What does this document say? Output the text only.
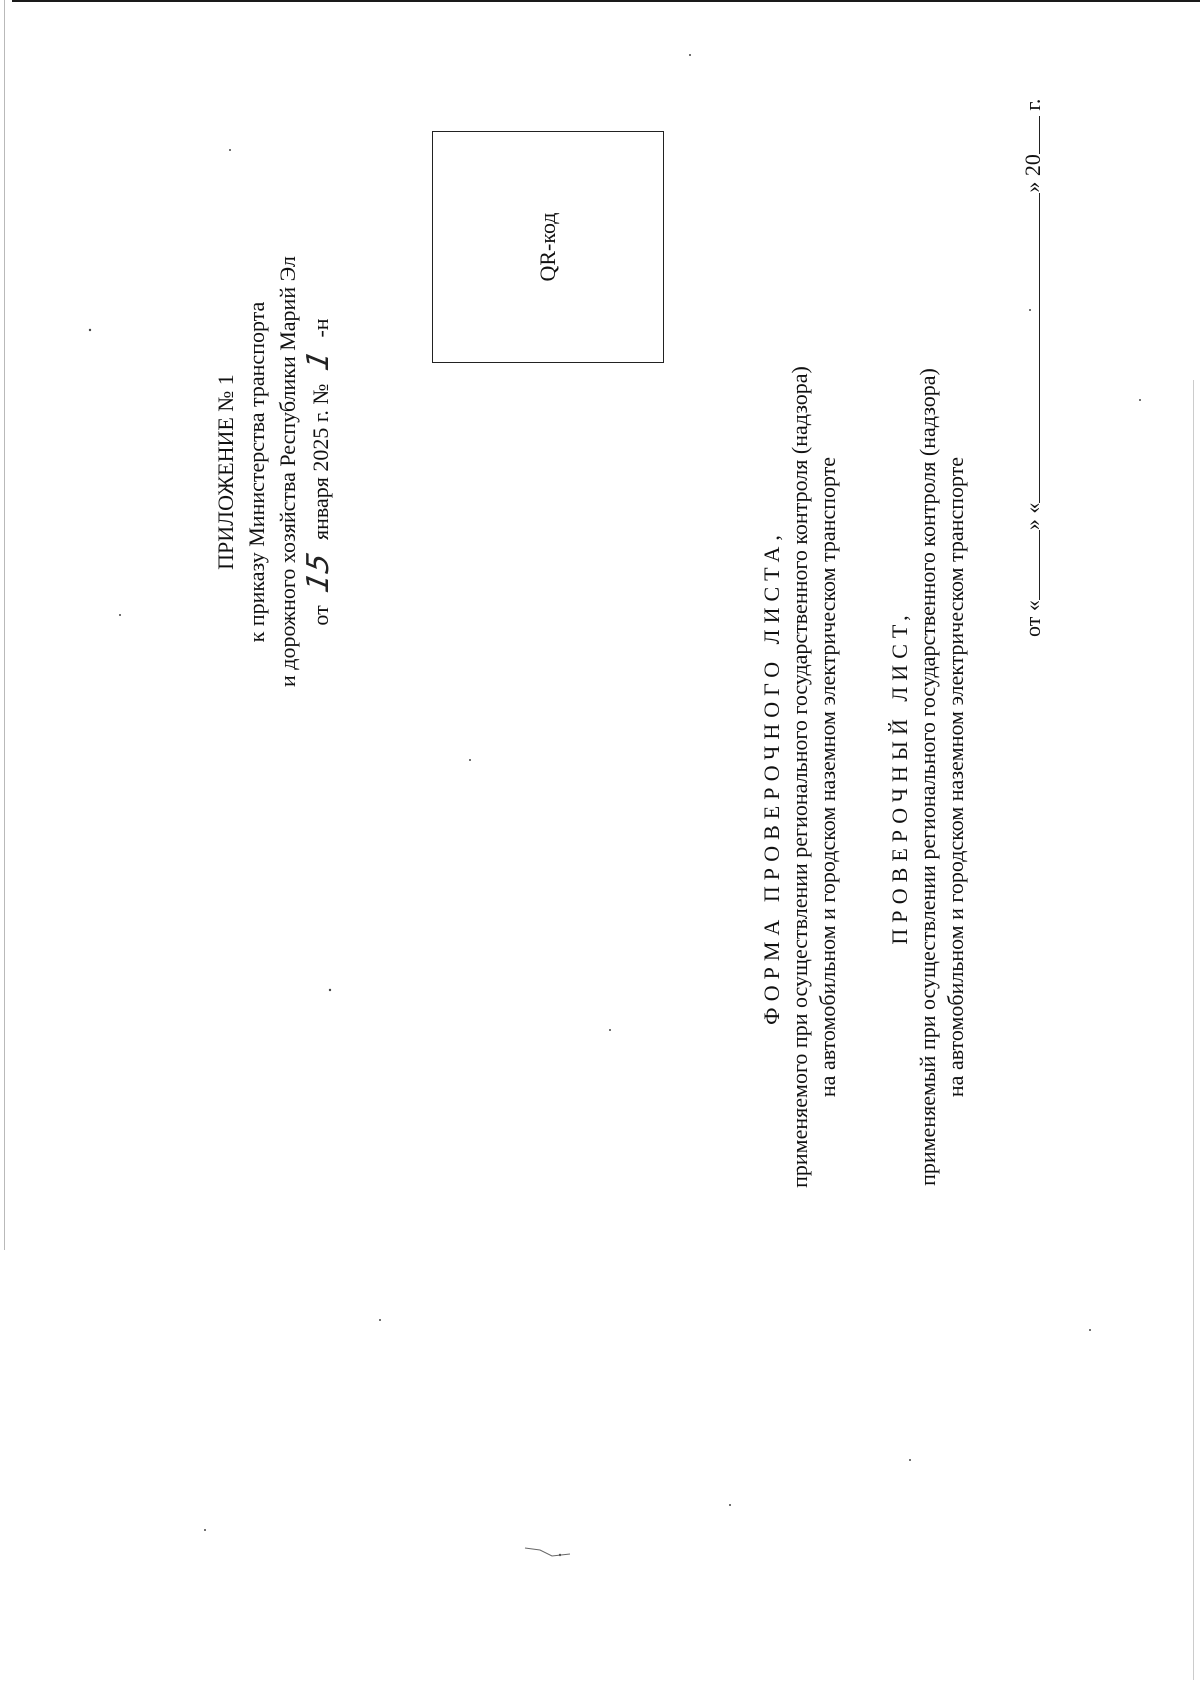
ПРИЛОЖЕНИЕ № 1 к приказу Министерства транспорта и дорожного хозяйства Республики Марий Эл от 15 января 2025 г. № 1 -н
QR-код
ФОРМА ПРОВЕРОЧНОГО ЛИСТА, применяемого при осуществлении регионального государственного контроля (надзора) на автомобильном и городском наземном электрическом транспорте ПРОВЕРОЧНЫЙ ЛИСТ, применяемый при осуществлении регионального государственного контроля (надзора) на автомобильном и городском наземном электрическом транспорте от «» «» 20 г.
